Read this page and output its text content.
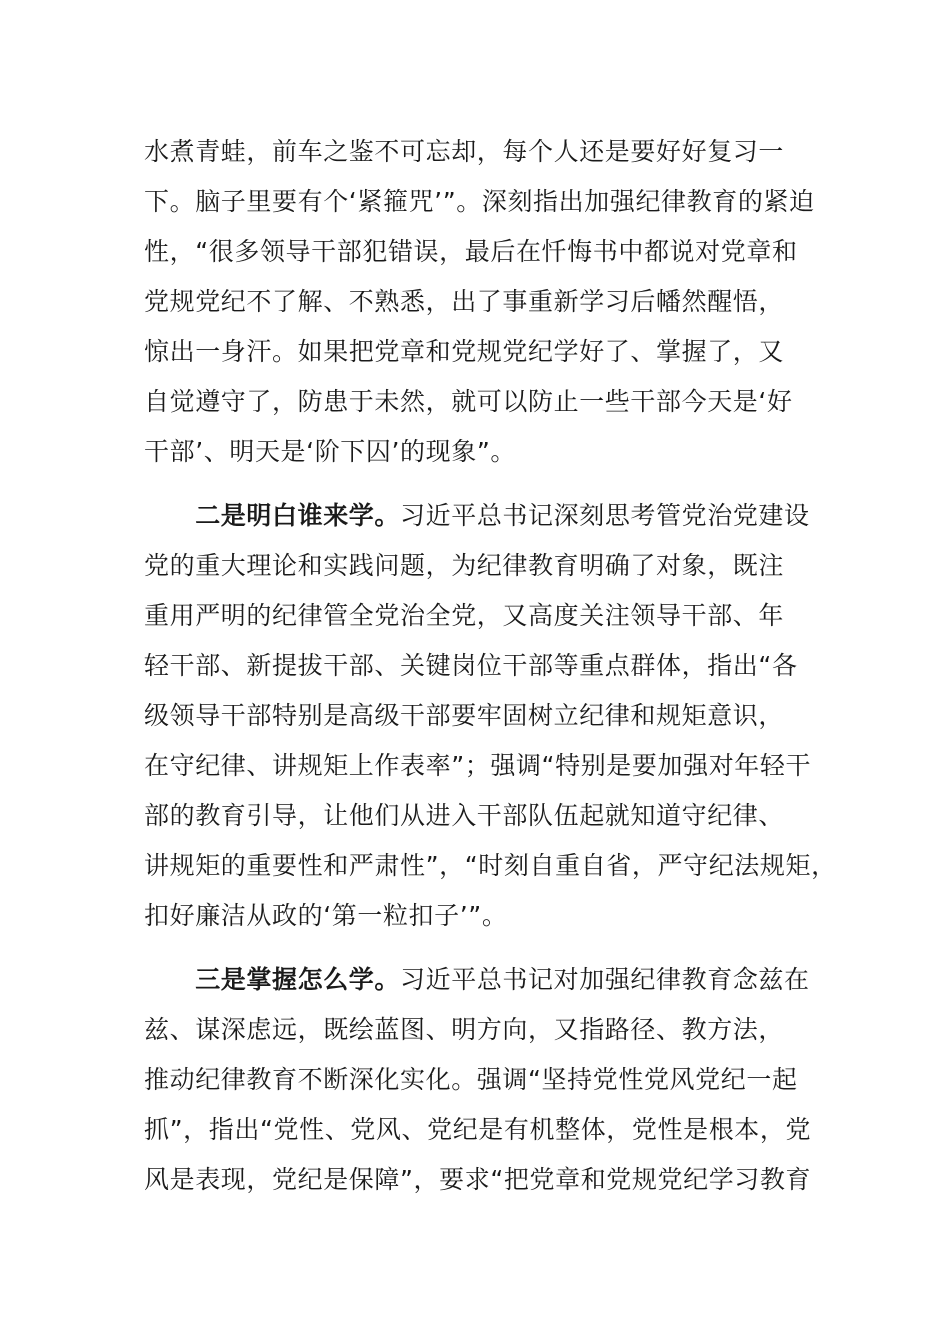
水煮青蛙，前车之鉴不可忘却，每个人还是要好好复习一
下。脑子里要有个‘紧箍咒’”。深刻指出加强纪律教育的紧迫
性，“很多领导干部犯错误，最后在忏悔书中都说对党章和
党规党纪不了解、不熟悉，出了事重新学习后幡然醒悟，
惊出一身汗。如果把党章和党规党纪学好了、掌握了，又
自觉遵守了，防患于未然，就可以防止一些干部今天是‘好
干部’、明天是‘阶下囚’的现象”。
　　二是明白谁来学。习近平总书记深刻思考管党治党建设
党的重大理论和实践问题，为纪律教育明确了对象，既注
重用严明的纪律管全党治全党，又高度关注领导干部、年
轻干部、新提拔干部、关键岗位干部等重点群体，指出“各
级领导干部特别是高级干部要牢固树立纪律和规矩意识，
在守纪律、讲规矩上作表率”；强调“特别是要加强对年轻干
部的教育引导，让他们从进入干部队伍起就知道守纪律、
讲规矩的重要性和严肃性”，“时刻自重自省，严守纪法规矩，
扣好廉洁从政的‘第一粒扣子’”。
　　三是掌握怎么学。习近平总书记对加强纪律教育念兹在
兹、谋深虑远，既绘蓝图、明方向，又指路径、教方法，
推动纪律教育不断深化实化。强调“坚持党性党风党纪一起
抓”，指出“党性、党风、党纪是有机整体，党性是根本，党
风是表现，党纪是保障”，要求“把党章和党规党纪学习教育
